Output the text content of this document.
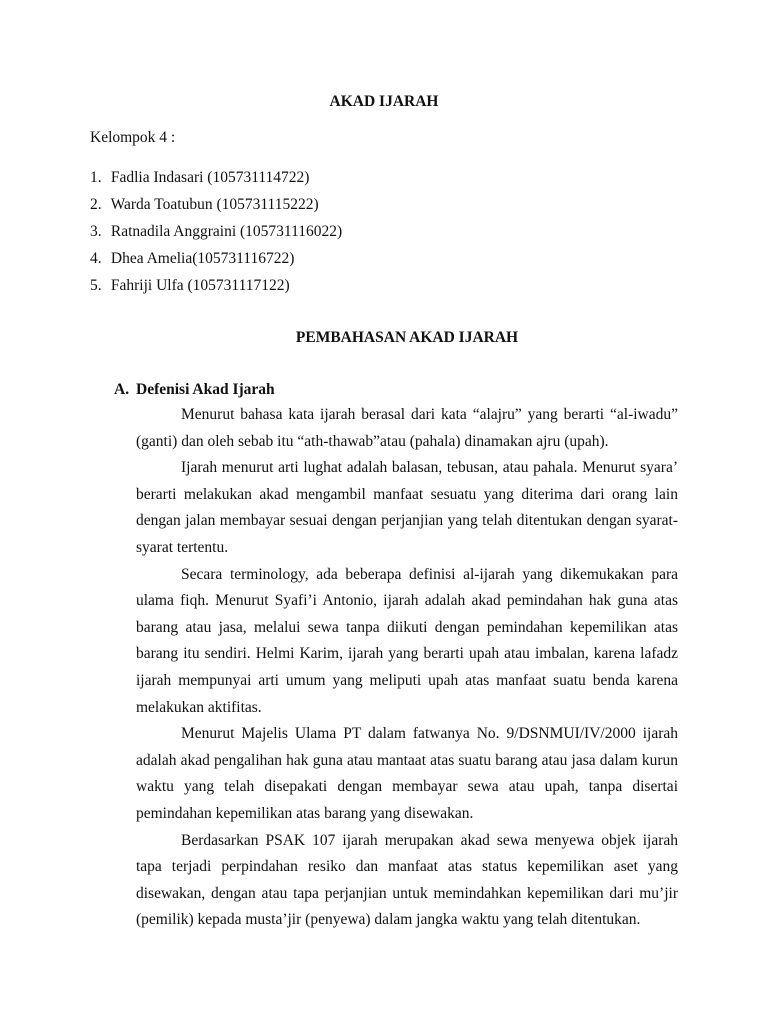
AKAD IJARAH
Kelompok 4 :
1. Fadlia Indasari (105731114722)
2. Warda Toatubun (105731115222)
3. Ratnadila Anggraini (105731116022)
4. Dhea Amelia(105731116722)
5. Fahriji Ulfa (105731117122)
PEMBAHASAN AKAD IJARAH
A. Defenisi Akad Ijarah

Menurut bahasa kata ijarah berasal dari kata “alajru” yang berarti “al-iwadu” (ganti) dan oleh sebab itu “ath-thawab”atau (pahala) dinamakan ajru (upah).

Ijarah menurut arti lughat adalah balasan, tebusan, atau pahala. Menurut syara’ berarti melakukan akad mengambil manfaat sesuatu yang diterima dari orang lain dengan jalan membayar sesuai dengan perjanjian yang telah ditentukan dengan syarat-syarat tertentu.

Secara terminology, ada beberapa definisi al-ijarah yang dikemukakan para ulama fiqh. Menurut Syafi’i Antonio, ijarah adalah akad pemindahan hak guna atas barang atau jasa, melalui sewa tanpa diikuti dengan pemindahan kepemilikan atas barang itu sendiri. Helmi Karim, ijarah yang berarti upah atau imbalan, karena lafadz ijarah mempunyai arti umum yang meliputi upah atas manfaat suatu benda karena melakukan aktifitas.

Menurut Majelis Ulama PT dalam fatwanya No. 9/DSNMUI/IV/2000 ijarah adalah akad pengalihan hak guna atau mantaat atas suatu barang atau jasa dalam kurun waktu yang telah disepakati dengan membayar sewa atau upah, tanpa disertai pemindahan kepemilikan atas barang yang disewakan.

Berdasarkan PSAK 107 ijarah merupakan akad sewa menyewa objek ijarah tapa terjadi perpindahan resiko dan manfaat atas status kepemilikan aset yang disewakan, dengan atau tapa perjanjian untuk memindahkan kepemilikan dari mu’jir (pemilik) kepada musta’jir (penyewa) dalam jangka waktu yang telah ditentukan.
